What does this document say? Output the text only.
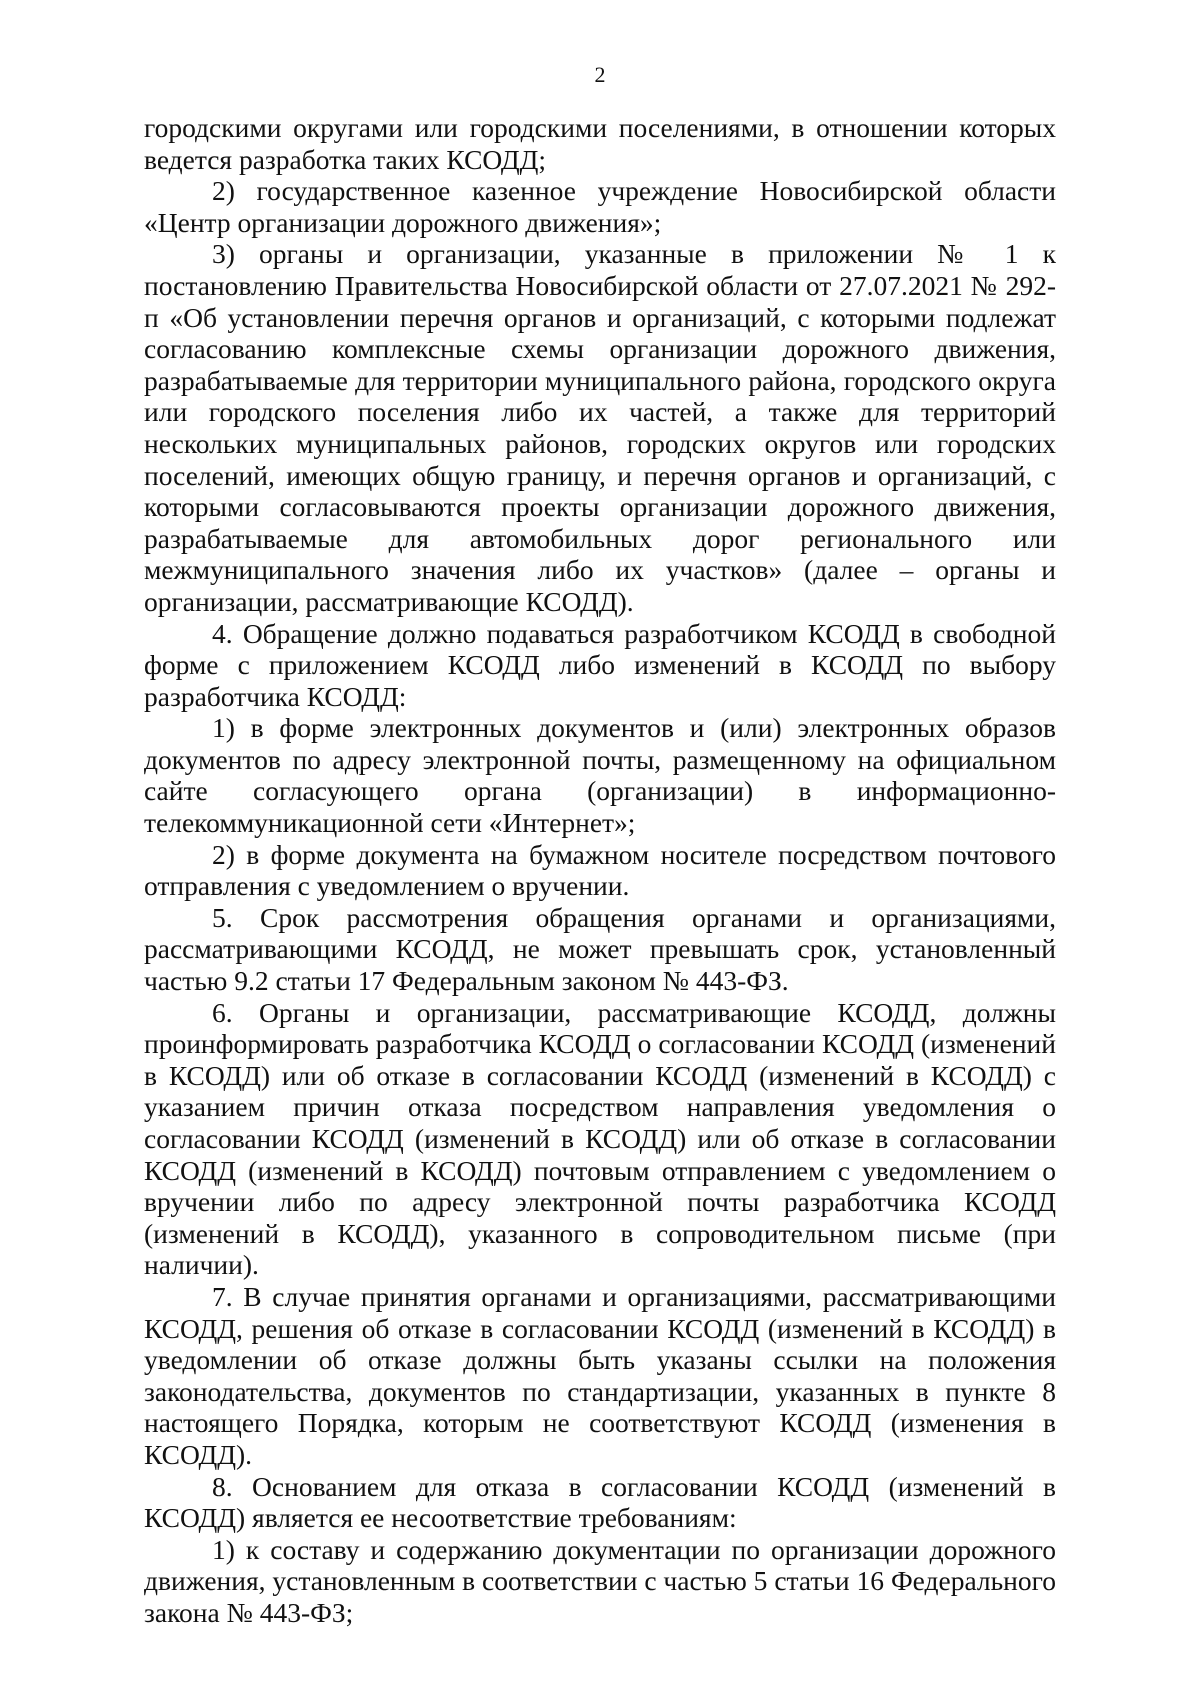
2

городскими округами или городскими поселениями, в отношении которых ведется разработка таких КСОДД;

2) государственное казенное учреждение Новосибирской области «Центр организации дорожного движения»;

3) органы и организации, указанные в приложении № 1 к постановлению Правительства Новосибирской области от 27.07.2021 № 292-п «Об установлении перечня органов и организаций, с которыми подлежат согласованию комплексные схемы организации дорожного движения, разрабатываемые для территории муниципального района, городского округа или городского поселения либо их частей, а также для территорий нескольких муниципальных районов, городских округов или городских поселений, имеющих общую границу, и перечня органов и организаций, с которыми согласовываются проекты организации дорожного движения, разрабатываемые для автомобильных дорог регионального или межмуниципального значения либо их участков» (далее – органы и организации, рассматривающие КСОДД).

4. Обращение должно подаваться разработчиком КСОДД в свободной форме с приложением КСОДД либо изменений в КСОДД по выбору разработчика КСОДД:

1) в форме электронных документов и (или) электронных образов документов по адресу электронной почты, размещенному на официальном сайте согласующего органа (организации) в информационно-телекоммуникационной сети «Интернет»;

2) в форме документа на бумажном носителе посредством почтового отправления с уведомлением о вручении.

5. Срок рассмотрения обращения органами и организациями, рассматривающими КСОДД, не может превышать срок, установленный частью 9.2 статьи 17 Федеральным законом № 443-ФЗ.

6. Органы и организации, рассматривающие КСОДД, должны проинформировать разработчика КСОДД о согласовании КСОДД (изменений в КСОДД) или об отказе в согласовании КСОДД (изменений в КСОДД) с указанием причин отказа посредством направления уведомления о согласовании КСОДД (изменений в КСОДД) или об отказе в согласовании КСОДД (изменений в КСОДД) почтовым отправлением с уведомлением о вручении либо по адресу электронной почты разработчика КСОДД (изменений в КСОДД), указанного в сопроводительном письме (при наличии).

7. В случае принятия органами и организациями, рассматривающими КСОДД, решения об отказе в согласовании КСОДД (изменений в КСОДД) в уведомлении об отказе должны быть указаны ссылки на положения законодательства, документов по стандартизации, указанных в пункте 8 настоящего Порядка, которым не соответствуют КСОДД (изменения в КСОДД).

8. Основанием для отказа в согласовании КСОДД (изменений в КСОДД) является ее несоответствие требованиям:

1) к составу и содержанию документации по организации дорожного движения, установленным в соответствии с частью 5 статьи 16 Федерального закона № 443-ФЗ;
